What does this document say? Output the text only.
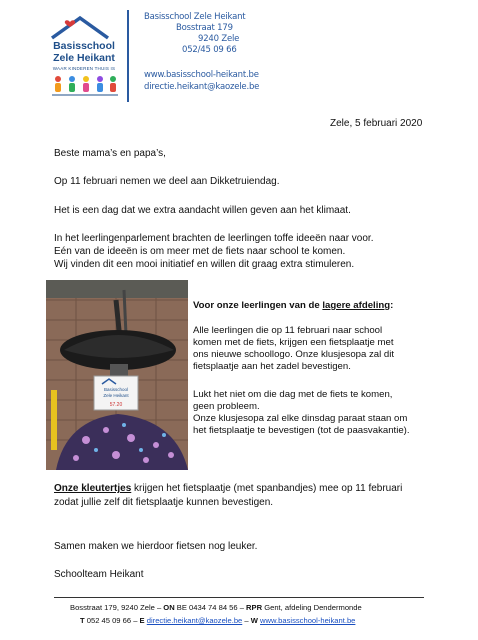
Basisschool
Zele Heikant
WAAR KINDEREN THUIS IS
Basisschool Zele Heikant
Bosstraat 179
9240 Zele
052/45 09 66
www.basisschool-heikant.be
directie.heikant@kaozele.be
Zele, 5 februari 2020
Beste mama’s en papa’s,
Op 11 februari nemen we deel aan Dikketruiendag.
Het is een dag dat we extra aandacht willen geven aan het klimaat.
In het leerlingenparlement brachten de leerlingen toffe ideeën naar voor.
Eén van de ideeën is om meer met de fiets naar school te komen.
Wij vinden dit een mooi initiatief en willen dit graag extra stimuleren.
Basisschool
Zele Heikant
57.20
Voor onze leerlingen van de lagere afdeling:
Alle leerlingen die op 11 februari naar school
komen met de fiets, krijgen een fietsplaatje met
ons nieuwe schoollogo. Onze klusjesopa zal dit
fietsplaatje aan het zadel bevestigen.
Lukt het niet om die dag met de fiets te komen,
geen probleem.
Onze klusjesopa zal elke dinsdag paraat staan om
het fietsplaatje te bevestigen (tot de paasvakantie).
Onze kleutertjes krijgen het fietsplaatje (met spanbandjes) mee op 11 februari
zodat jullie zelf dit fietsplaatje kunnen bevestigen.
Samen maken we hierdoor fietsen nog leuker.
Schoolteam Heikant
Bosstraat 179, 9240 Zele – ON BE 0434 74 84 56 – RPR Gent, afdeling Dendermonde
T 052 45 09 66 – E directie.heikant@kaozele.be – W www.basisschool-heikant.be
